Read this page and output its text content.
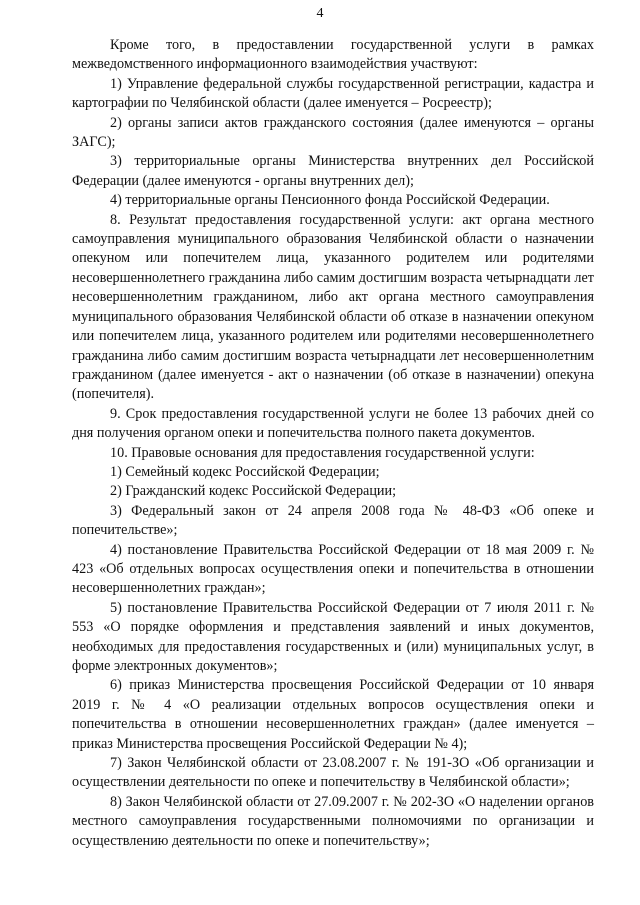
4

Кроме того, в предоставлении государственной услуги в рамках межведомственного информационного взаимодействия участвуют:

1) Управление федеральной службы государственной регистрации, кадастра и картографии по Челябинской области (далее именуется – Росреестр);

2) органы записи актов гражданского состояния (далее именуются – органы ЗАГС);

3) территориальные органы Министерства внутренних дел Российской Федерации (далее именуются - органы внутренних дел);

4) территориальные органы Пенсионного фонда Российской Федерации.

8. Результат предоставления государственной услуги: акт органа местного самоуправления муниципального образования Челябинской области о назначении опекуном или попечителем лица, указанного родителем или родителями несовершеннолетнего гражданина либо самим достигшим возраста четырнадцати лет несовершеннолетним гражданином, либо акт органа местного самоуправления муниципального образования Челябинской области об отказе в назначении опекуном или попечителем лица, указанного родителем или родителями несовершеннолетнего гражданина либо самим достигшим возраста четырнадцати лет несовершеннолетним гражданином (далее именуется - акт о назначении (об отказе в назначении) опекуна (попечителя).

9. Срок предоставления государственной услуги не более 13 рабочих дней со дня получения органом опеки и попечительства полного пакета документов.

10. Правовые основания для предоставления государственной услуги:

1) Семейный кодекс Российской Федерации;

2) Гражданский кодекс Российской Федерации;

3) Федеральный закон от 24 апреля 2008 года № 48-ФЗ «Об опеке и попечительстве»;

4) постановление Правительства Российской Федерации от 18 мая 2009 г. № 423 «Об отдельных вопросах осуществления опеки и попечительства в отношении несовершеннолетних граждан»;

5) постановление Правительства Российской Федерации от 7 июля 2011 г. № 553 «О порядке оформления и представления заявлений и иных документов, необходимых для предоставления государственных и (или) муниципальных услуг, в форме электронных документов»;

6) приказ Министерства просвещения Российской Федерации от 10 января 2019 г. № 4 «О реализации отдельных вопросов осуществления опеки и попечительства в отношении несовершеннолетних граждан» (далее именуется – приказ Министерства просвещения Российской Федерации № 4);

7) Закон Челябинской области от 23.08.2007 г. № 191-ЗО «Об организации и осуществлении деятельности по опеке и попечительству в Челябинской области»;

8) Закон Челябинской области от 27.09.2007 г. № 202-ЗО «О наделении органов местного самоуправления государственными полномочиями по организации и осуществлению деятельности по опеке и попечительству»;
